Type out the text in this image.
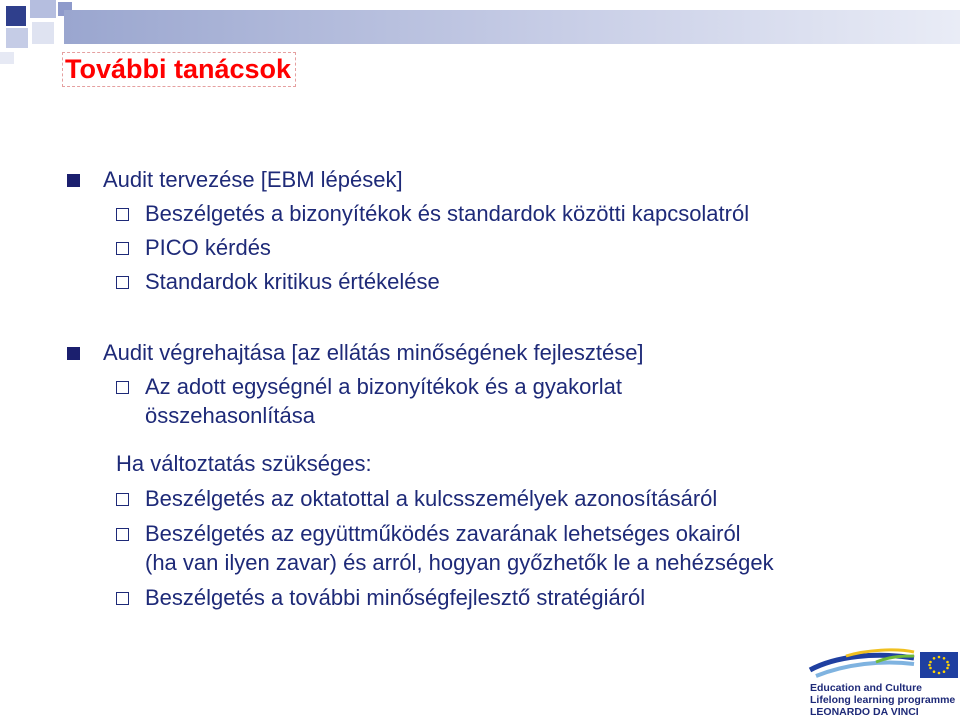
További tanácsok
Audit tervezése [EBM lépések]
Beszélgetés a bizonyítékok és standardok közötti kapcsolatról
PICO kérdés
Standardok kritikus értékelése
Audit végrehajtása [az ellátás minőségének fejlesztése]
Az adott egységnél a bizonyítékok és a gyakorlat
összehasonlítása
Ha változtatás szükséges:
Beszélgetés az oktatottal a kulcsszemélyek azonosításáról
Beszélgetés az együttműködés zavarának lehetséges okairól
(ha van ilyen zavar) és arról, hogyan győzhetők le a nehézségek
Beszélgetés a további minőségfejlesztő stratégiáról
Education and Culture
Lifelong learning programme
LEONARDO DA VINCI
